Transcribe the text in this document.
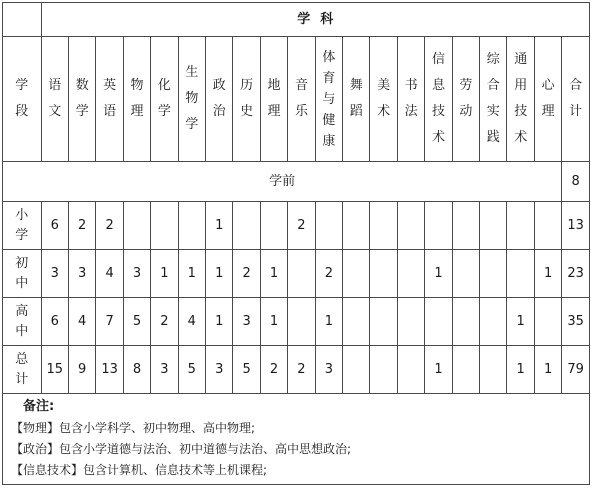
	学科																			
学段	语文	数学	英语	物理	化学	生物学	政治	历史	地理	音乐	体育与健康	舞蹈	美术	书法	信息技术	劳动	综合实践	通用技术	心理	合计
学前																				8
小学	6	2	2				1			2										13
初中	3	3	4	3	1	1	1	2	1		2				1				1	23
高中	6	4	7	5	2	4	1	3	1		1							1		35
总计	15	9	13	8	3	5	3	5	2	2	3				1			1	1	79

备注:
【物理】包含小学科学、初中物理、高中物理;
【政治】包含小学道德与法治、初中道德与法治、高中思想政治;
【信息技术】包含计算机、信息技术等上机课程;																				
